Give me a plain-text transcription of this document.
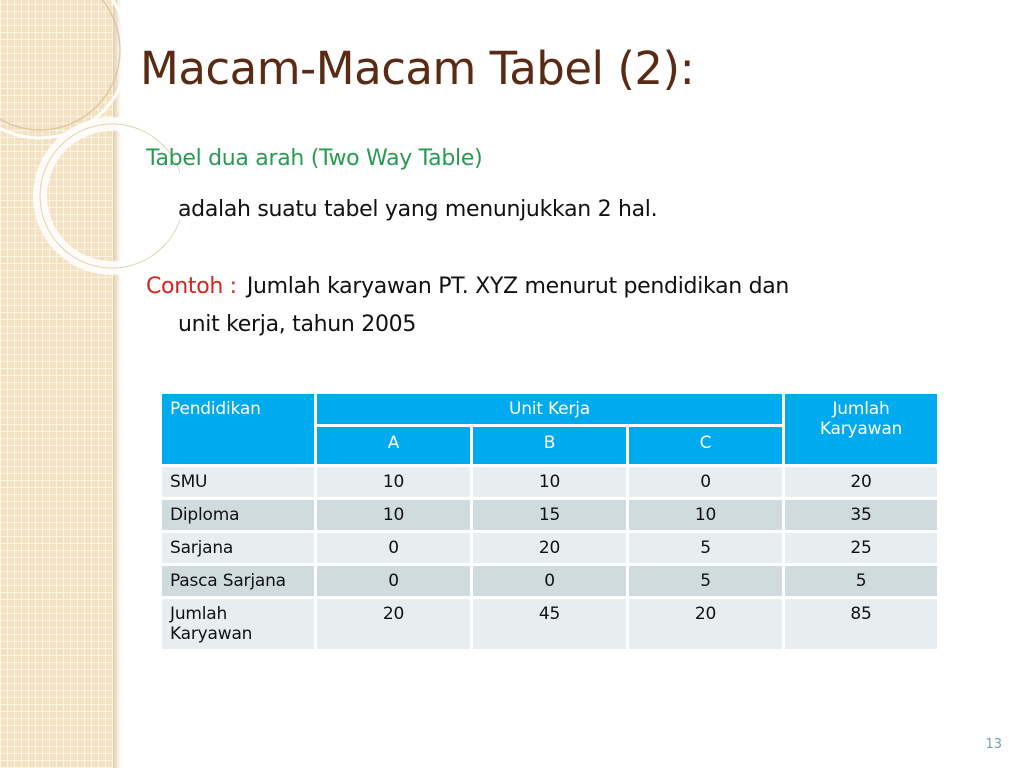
Macam-Macam Tabel (2):
Tabel dua arah (Two Way Table)
adalah suatu tabel yang menunjukkan 2 hal.
Contoh : Jumlah karyawan PT. XYZ menurut pendidikan dan
unit kerja, tahun 2005
Pendidikan	Unit Kerja			Jumlah Karyawan
	A	B	C	
SMU	10	10	0	20
Diploma	10	15	10	35
Sarjana	0	20	5	25
Pasca Sarjana	0	0	5	5
Jumlah Karyawan	20	45	20	85
13
